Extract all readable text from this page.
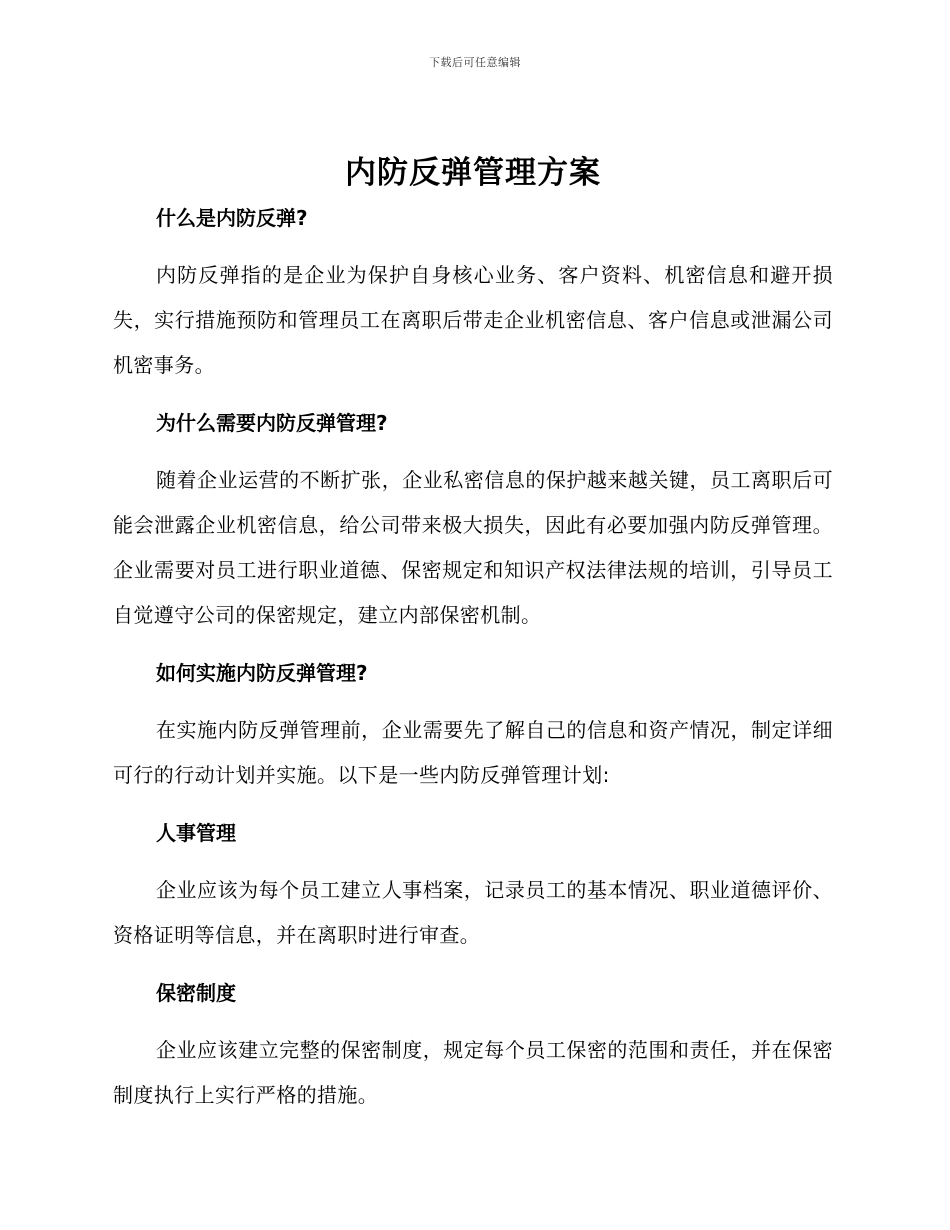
下载后可任意编辑
内防反弹管理方案
什么是内防反弹?

内防反弹指的是企业为保护自身核心业务、客户资料、机密信息和避开损失，实行措施预防和管理员工在离职后带走企业机密信息、客户信息或泄漏公司机密事务。

为什么需要内防反弹管理?

随着企业运营的不断扩张，企业私密信息的保护越来越关键，员工离职后可能会泄露企业机密信息，给公司带来极大损失，因此有必要加强内防反弹管理。企业需要对员工进行职业道德、保密规定和知识产权法律法规的培训，引导员工自觉遵守公司的保密规定，建立内部保密机制。

如何实施内防反弹管理?

在实施内防反弹管理前，企业需要先了解自己的信息和资产情况，制定详细可行的行动计划并实施。以下是一些内防反弹管理计划:

人事管理

企业应该为每个员工建立人事档案，记录员工的基本情况、职业道德评价、资格证明等信息，并在离职时进行审查。

保密制度

企业应该建立完整的保密制度，规定每个员工保密的范围和责任，并在保密制度执行上实行严格的措施。
